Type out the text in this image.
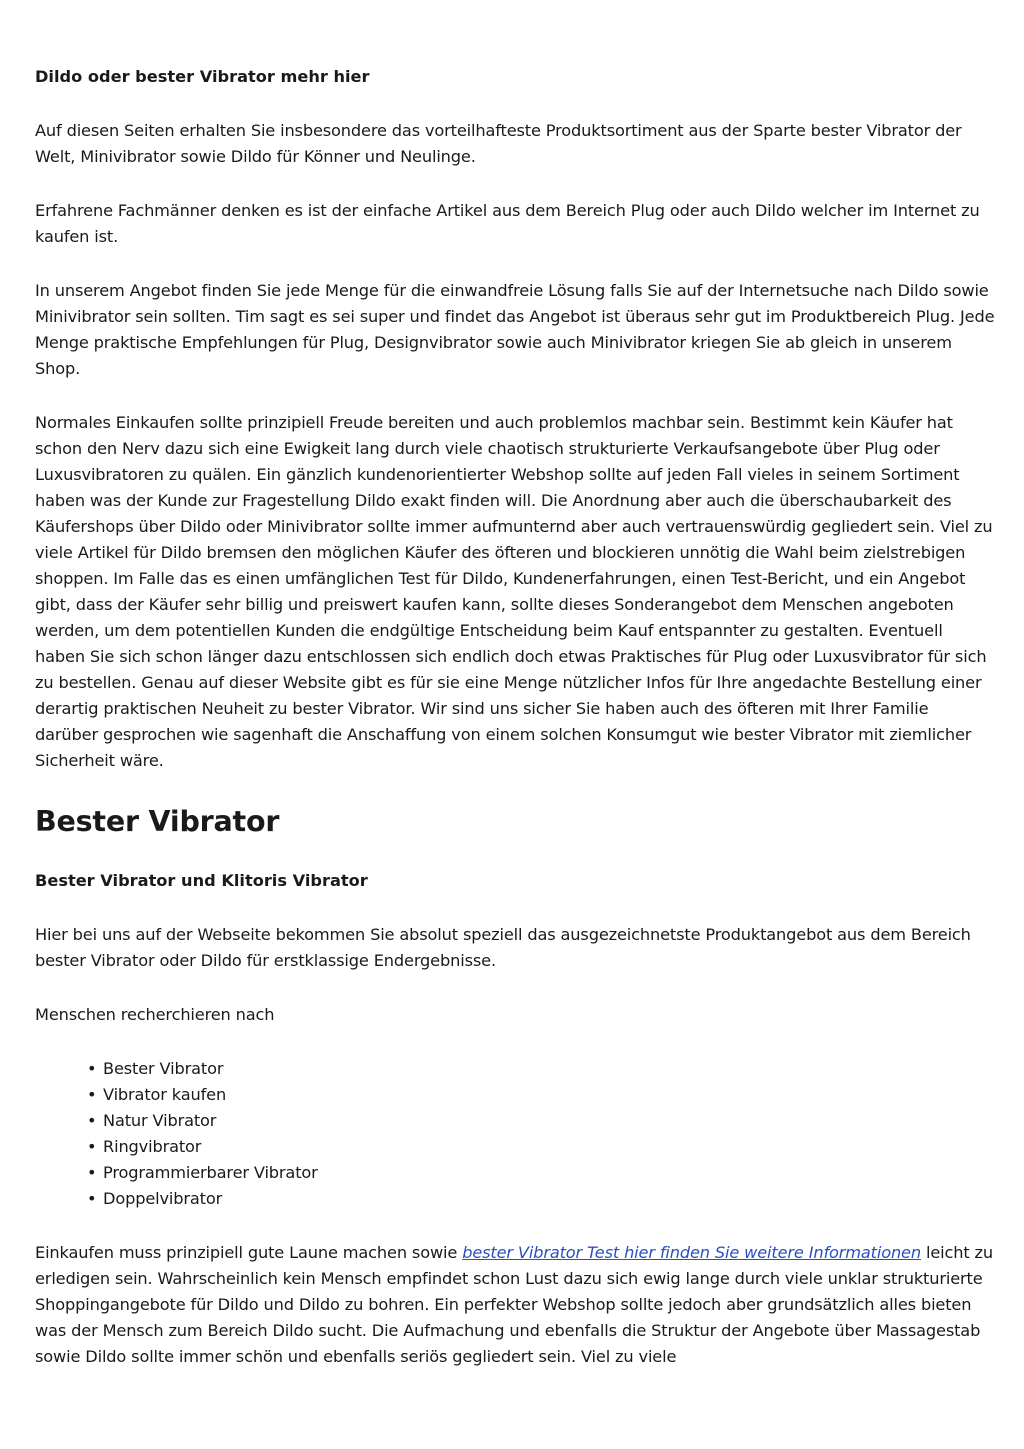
Dildo oder bester Vibrator mehr hier

Auf diesen Seiten erhalten Sie insbesondere das vorteilhafteste Produktsortiment aus der Sparte bester Vibrator der Welt, Minivibrator sowie Dildo für Könner und Neulinge.

Erfahrene Fachmänner denken es ist der einfache Artikel aus dem Bereich Plug oder auch Dildo welcher im Internet zu kaufen ist.

In unserem Angebot finden Sie jede Menge für die einwandfreie Lösung falls Sie auf der Internetsuche nach Dildo sowie Minivibrator sein sollten. Tim sagt es sei super und findet das Angebot ist überaus sehr gut im Produktbereich Plug. Jede Menge praktische Empfehlungen für Plug, Designvibrator sowie auch Minivibrator kriegen Sie ab gleich in unserem Shop.

Normales Einkaufen sollte prinzipiell Freude bereiten und auch problemlos machbar sein. Bestimmt kein Käufer hat schon den Nerv dazu sich eine Ewigkeit lang durch viele chaotisch strukturierte Verkaufsangebote über Plug oder Luxusvibratoren zu quälen. Ein gänzlich kundenorientierter Webshop sollte auf jeden Fall vieles in seinem Sortiment haben was der Kunde zur Fragestellung Dildo exakt finden will. Die Anordnung aber auch die überschaubarkeit des Käufershops über Dildo oder Minivibrator sollte immer aufmunternd aber auch vertrauenswürdig gegliedert sein. Viel zu viele Artikel für Dildo bremsen den möglichen Käufer des öfteren und blockieren unnötig die Wahl beim zielstrebigen shoppen. Im Falle das es einen umfänglichen Test für Dildo, Kundenerfahrungen, einen Test-Bericht, und ein Angebot gibt, dass der Käufer sehr billig und preiswert kaufen kann, sollte dieses Sonderangebot dem Menschen angeboten werden, um dem potentiellen Kunden die endgültige Entscheidung beim Kauf entspannter zu gestalten. Eventuell haben Sie sich schon länger dazu entschlossen sich endlich doch etwas Praktisches für Plug oder Luxusvibrator für sich zu bestellen. Genau auf dieser Website gibt es für sie eine Menge nützlicher Infos für Ihre angedachte Bestellung einer derartig praktischen Neuheit zu bester Vibrator. Wir sind uns sicher Sie haben auch des öfteren mit Ihrer Familie darüber gesprochen wie sagenhaft die Anschaffung von einem solchen Konsumgut wie bester Vibrator mit ziemlicher Sicherheit wäre.

Bester Vibrator
Bester Vibrator und Klitoris Vibrator

Hier bei uns auf der Webseite bekommen Sie absolut speziell das ausgezeichnetste Produktangebot aus dem Bereich bester Vibrator oder Dildo für erstklassige Endergebnisse.

Menschen recherchieren nach

• Bester Vibrator
• Vibrator kaufen
• Natur Vibrator
• Ringvibrator
• Programmierbarer Vibrator
• Doppelvibrator

Einkaufen muss prinzipiell gute Laune machen sowie bester Vibrator Test hier finden Sie weitere Informationen leicht zu erledigen sein. Wahrscheinlich kein Mensch empfindet schon Lust dazu sich ewig lange durch viele unklar strukturierte Shoppingangebote für Dildo und Dildo zu bohren. Ein perfekter Webshop sollte jedoch aber grundsätzlich alles bieten was der Mensch zum Bereich Dildo sucht. Die Aufmachung und ebenfalls die Struktur der Angebote über Massagestab sowie Dildo sollte immer schön und ebenfalls seriös gegliedert sein. Viel zu viele
